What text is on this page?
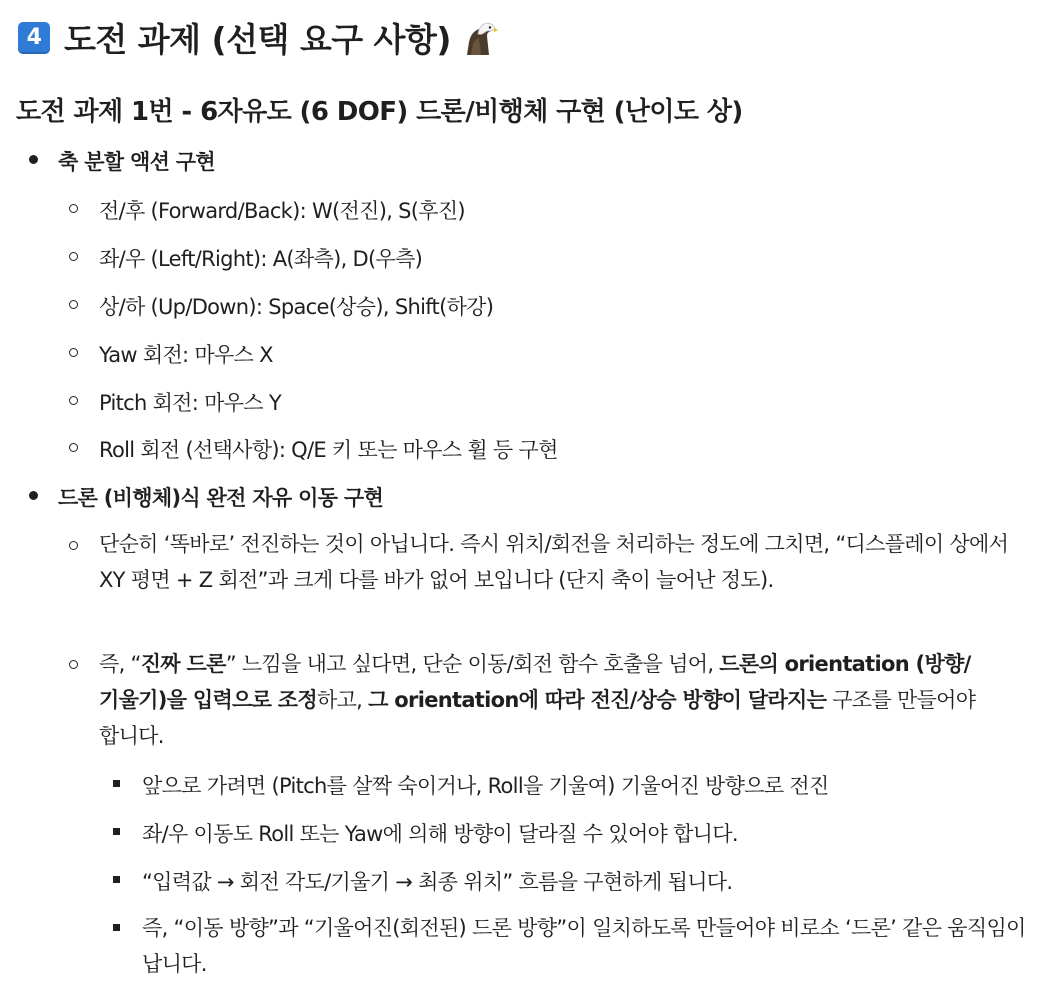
4 도전 과제 (선택 요구 사항)
도전 과제 1번 - 6자유도 (6 DOF) 드론/비행체 구현 (난이도 상)
축 분할 액션 구현
전/후 (Forward/Back): W(전진), S(후진)
좌/우 (Left/Right): A(좌측), D(우측)
상/하 (Up/Down): Space(상승), Shift(하강)
Yaw 회전: 마우스 X
Pitch 회전: 마우스 Y
Roll 회전 (선택사항): Q/E 키 또는 마우스 휠 등 구현
드론 (비행체)식 완전 자유 이동 구현
단순히 ‘똑바로’ 전진하는 것이 아닙니다. 즉시 위치/회전을 처리하는 정도에 그치면, “디스플레이 상에서 XY 평면 + Z 회전”과 크게 다를 바가 없어 보입니다 (단지 축이 늘어난 정도).
즉, “진짜 드론” 느낌을 내고 싶다면, 단순 이동/회전 함수 호출을 넘어, 드론의 orientation (방향/기울기)을 입력으로 조정하고, 그 orientation에 따라 전진/상승 방향이 달라지는 구조를 만들어야 합니다.
앞으로 가려면 (Pitch를 살짝 숙이거나, Roll을 기울여) 기울어진 방향으로 전진
좌/우 이동도 Roll 또는 Yaw에 의해 방향이 달라질 수 있어야 합니다.
“입력값 → 회전 각도/기울기 → 최종 위치” 흐름을 구현하게 됩니다.
즉, “이동 방향”과 “기울어진(회전된) 드론 방향”이 일치하도록 만들어야 비로소 ‘드론’ 같은 움직임이 납니다.
